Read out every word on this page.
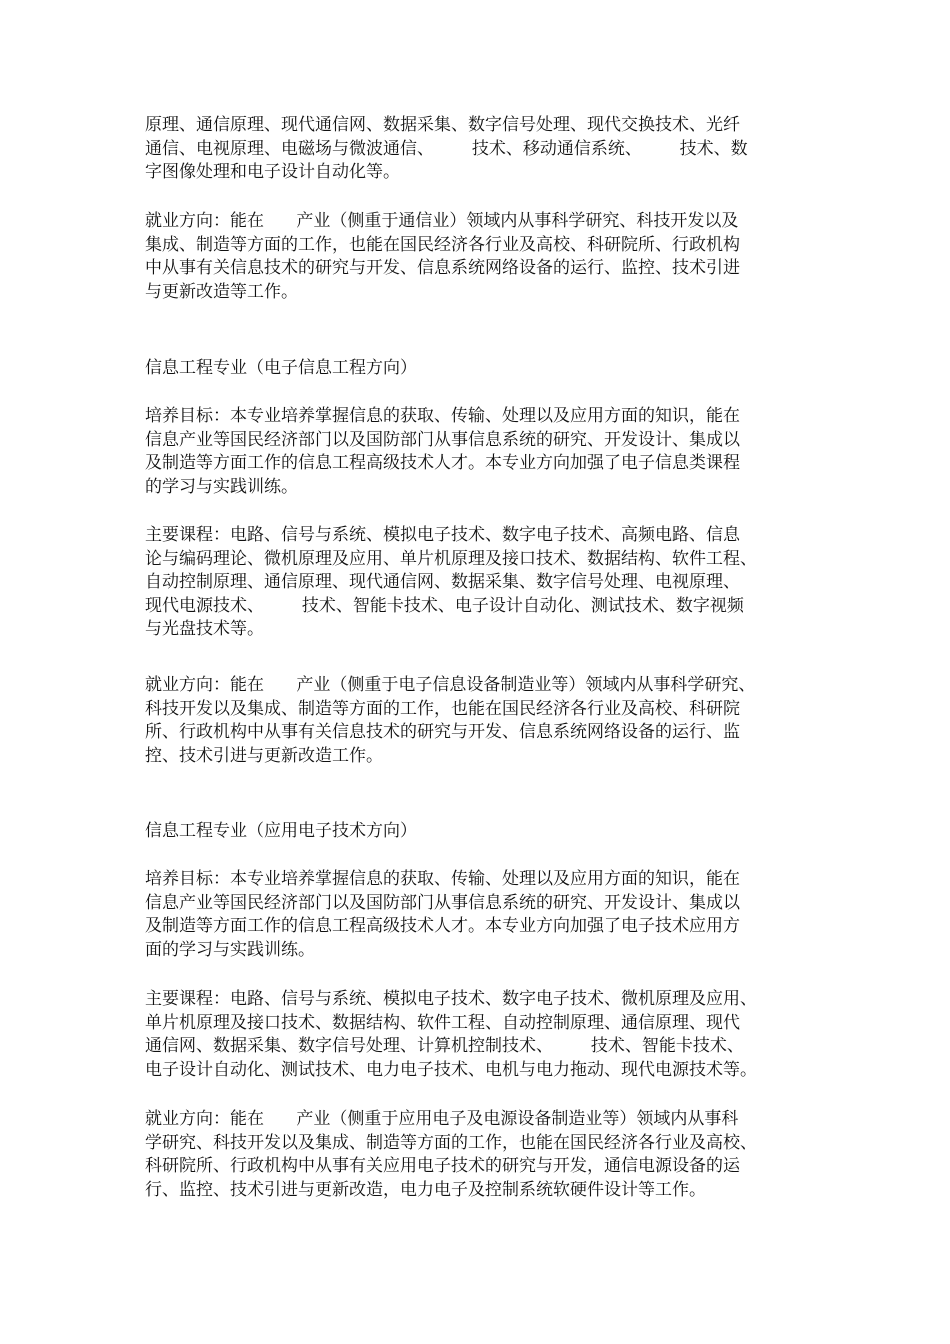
原理、通信原理、现代通信网、数据采集、数字信号处理、现代交换技术、光纤
通信、电视原理、电磁场与微波通信、       技术、移动通信系统、       技术、数
字图像处理和电子设计自动化等。
就业方向：能在      产业（侧重于通信业）领域内从事科学研究、科技开发以及
集成、制造等方面的工作，也能在国民经济各行业及高校、科研院所、行政机构
中从事有关信息技术的研究与开发、信息系统网络设备的运行、监控、技术引进
与更新改造等工作。
信息工程专业（电子信息工程方向）
培养目标：本专业培养掌握信息的获取、传输、处理以及应用方面的知识，能在
信息产业等国民经济部门以及国防部门从事信息系统的研究、开发设计、集成以
及制造等方面工作的信息工程高级技术人才。本专业方向加强了电子信息类课程
的学习与实践训练。
主要课程：电路、信号与系统、模拟电子技术、数字电子技术、高频电路、信息
论与编码理论、微机原理及应用、单片机原理及接口技术、数据结构、软件工程、
自动控制原理、通信原理、现代通信网、数据采集、数字信号处理、电视原理、
现代电源技术、       技术、智能卡技术、电子设计自动化、测试技术、数字视频
与光盘技术等。
就业方向：能在      产业（侧重于电子信息设备制造业等）领域内从事科学研究、
科技开发以及集成、制造等方面的工作，也能在国民经济各行业及高校、科研院
所、行政机构中从事有关信息技术的研究与开发、信息系统网络设备的运行、监
控、技术引进与更新改造工作。
信息工程专业（应用电子技术方向）
培养目标：本专业培养掌握信息的获取、传输、处理以及应用方面的知识，能在
信息产业等国民经济部门以及国防部门从事信息系统的研究、开发设计、集成以
及制造等方面工作的信息工程高级技术人才。本专业方向加强了电子技术应用方
面的学习与实践训练。
主要课程：电路、信号与系统、模拟电子技术、数字电子技术、微机原理及应用、
单片机原理及接口技术、数据结构、软件工程、自动控制原理、通信原理、现代
通信网、数据采集、数字信号处理、计算机控制技术、       技术、智能卡技术、
电子设计自动化、测试技术、电力电子技术、电机与电力拖动、现代电源技术等。
就业方向：能在      产业（侧重于应用电子及电源设备制造业等）领域内从事科
学研究、科技开发以及集成、制造等方面的工作，也能在国民经济各行业及高校、
科研院所、行政机构中从事有关应用电子技术的研究与开发，通信电源设备的运
行、监控、技术引进与更新改造，电力电子及控制系统软硬件设计等工作。
